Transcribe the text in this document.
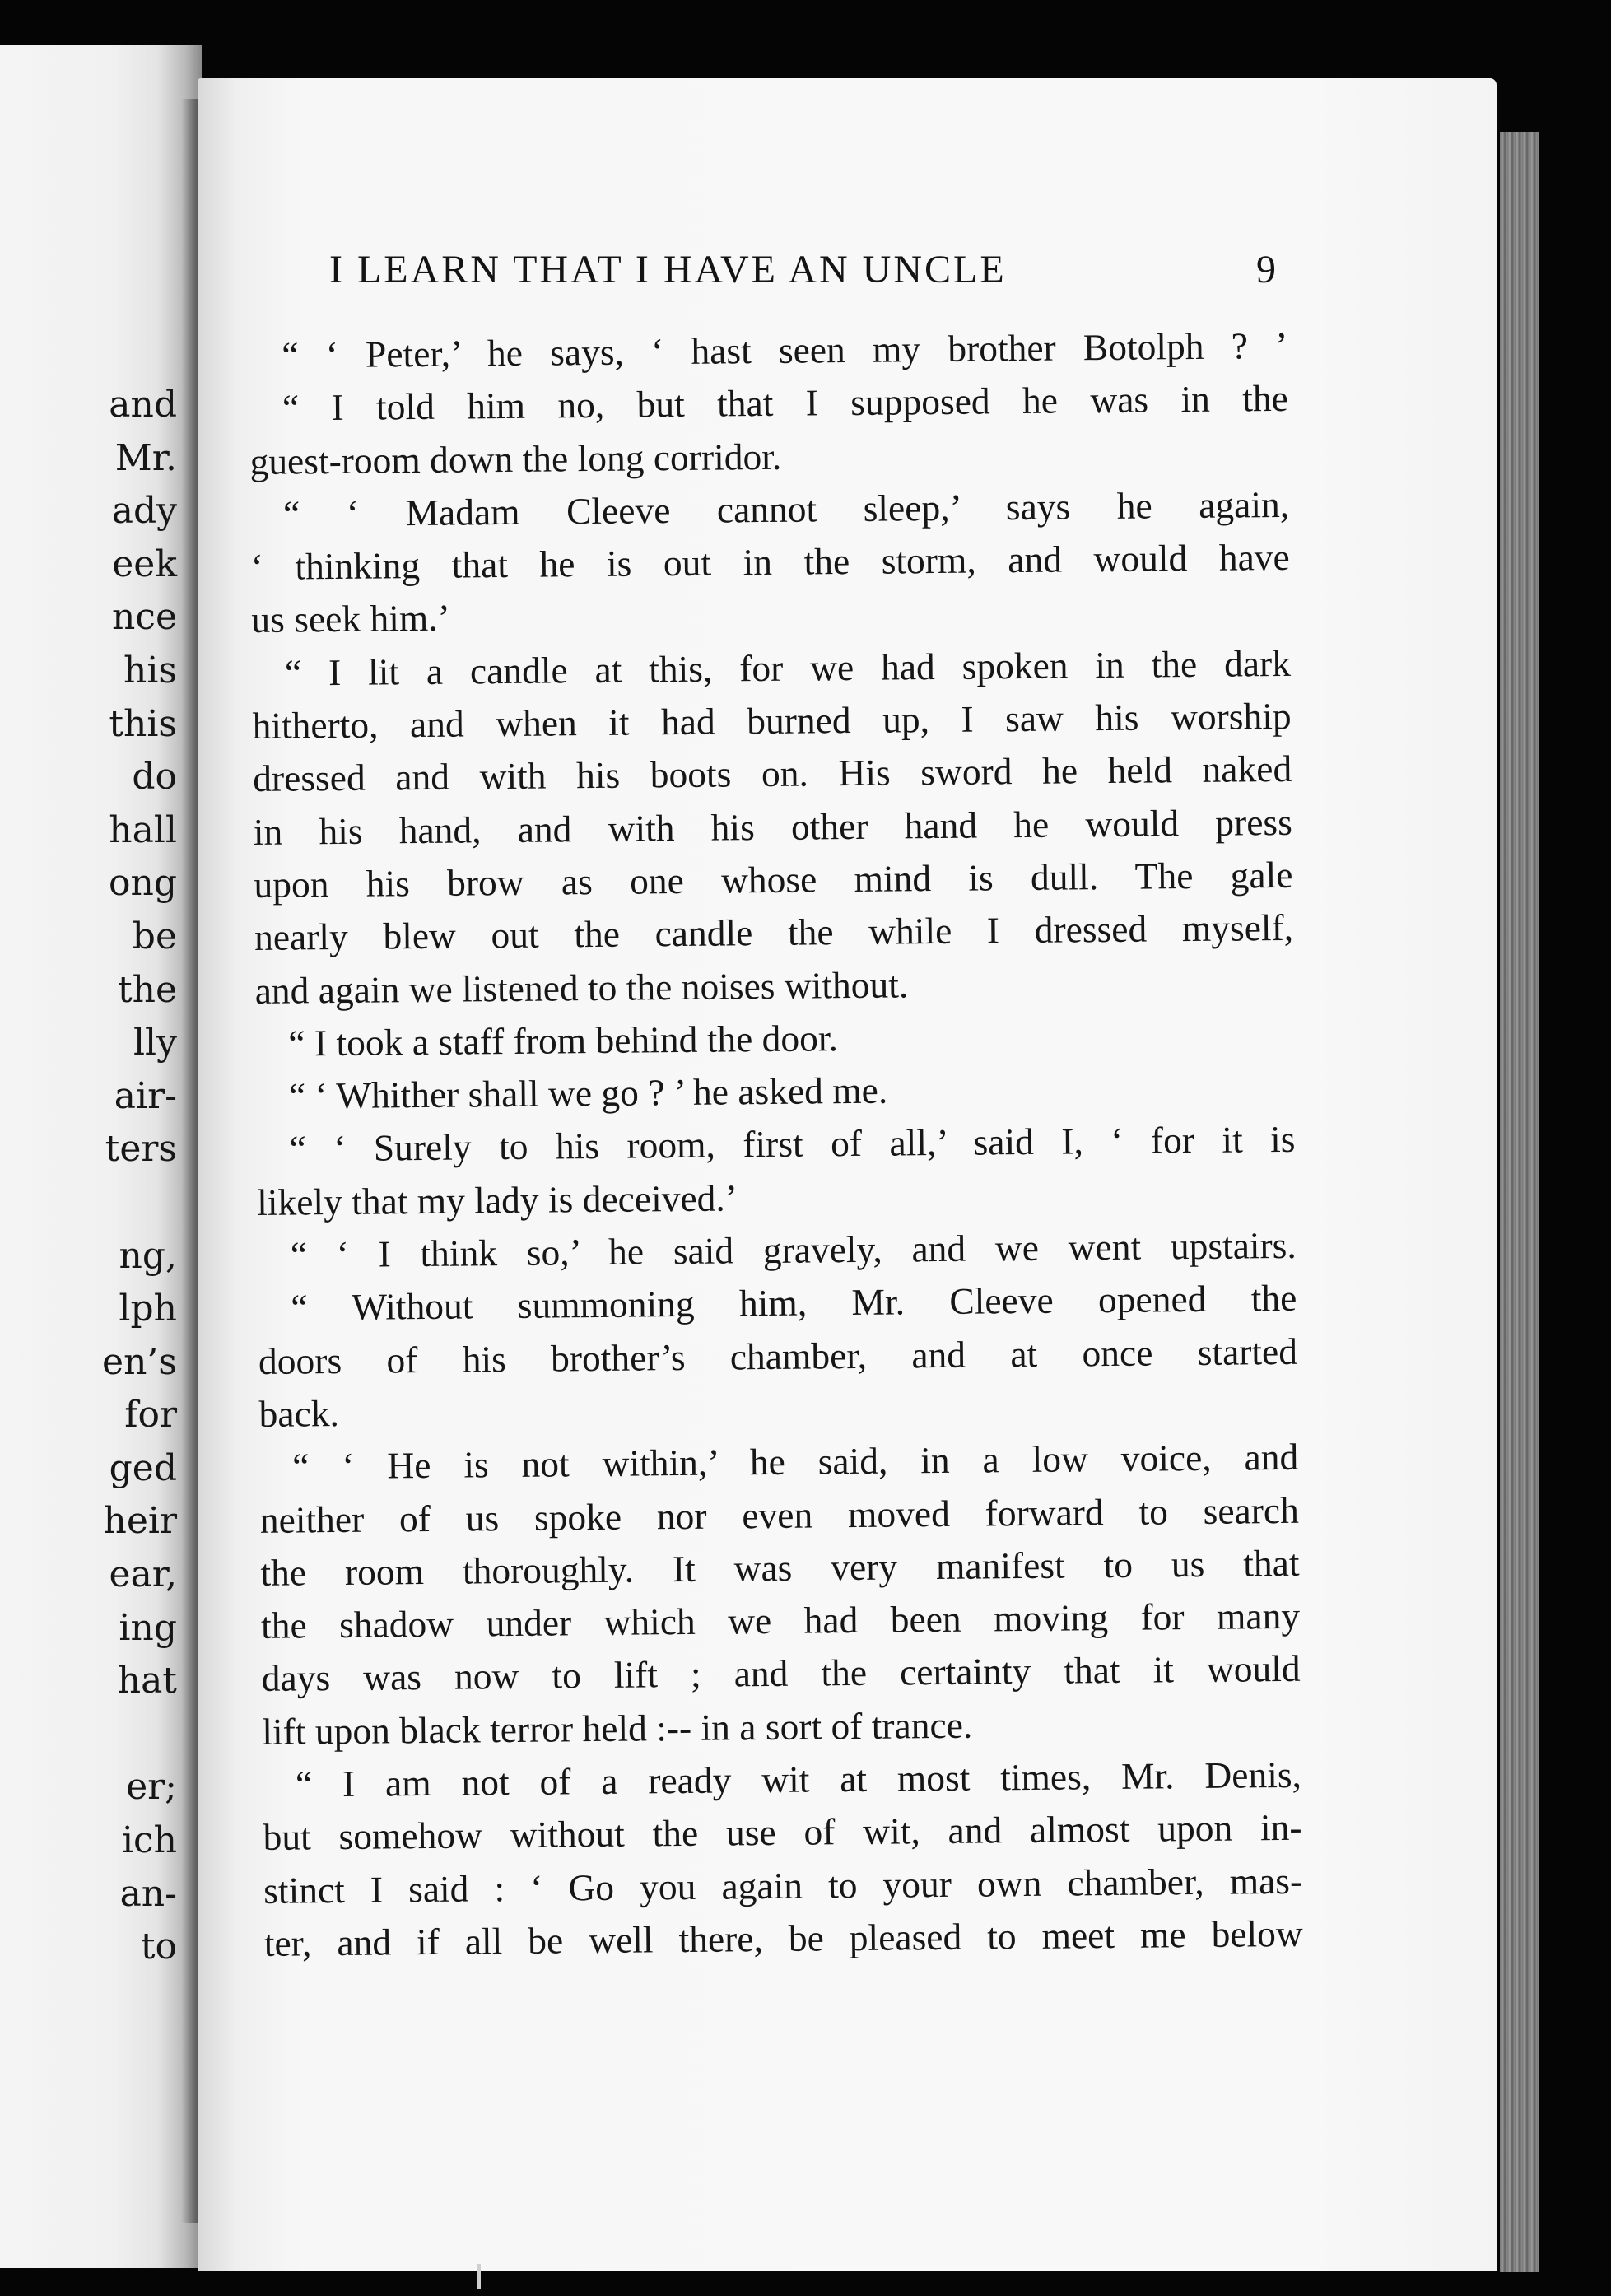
and
Mr.
ady
eek
nce
his
this
do
hall
ong
be
the
lly
air-
ters
ng,
lph
en’s
for
ged
heir
ear,
ing
hat
er;
ich
an-
to
I LEARN THAT I HAVE AN UNCLE	9
“ ‘ Peter,’ he says, ‘ hast seen my brother Botolph ? ’
“ I told him no, but that I supposed he was in the
guest-room down the long corridor.
“ ‘ Madam Cleeve cannot sleep,’ says he again,
‘ thinking that he is out in the storm, and would have
us seek him.’
“ I lit a candle at this, for we had spoken in the dark
hitherto, and when it had burned up, I saw his worship
dressed and with his boots on. His sword he held naked
in his hand, and with his other hand he would press
upon his brow as one whose mind is dull. The gale
nearly blew out the candle the while I dressed myself,
and again we listened to the noises without.
“ I took a staff from behind the door.
“ ‘ Whither shall we go ? ’ he asked me.
“ ‘ Surely to his room, first of all,’ said I, ‘ for it is
likely that my lady is deceived.’
“ ‘ I think so,’ he said gravely, and we went upstairs.
“ Without summoning him, Mr. Cleeve opened the
doors of his brother’s chamber, and at once started
back.
“ ‘ He is not within,’ he said, in a low voice, and
neither of us spoke nor even moved forward to search
the room thoroughly. It was very manifest to us that
the shadow under which we had been moving for many
days was now to lift ; and the certainty that it would
lift upon black terror held :-- in a sort of trance.
“ I am not of a ready wit at most times, Mr. Denis,
but somehow without the use of wit, and almost upon in-
stinct I said : ‘ Go you again to your own chamber, mas-
ter, and if all be well there, be pleased to meet me below
